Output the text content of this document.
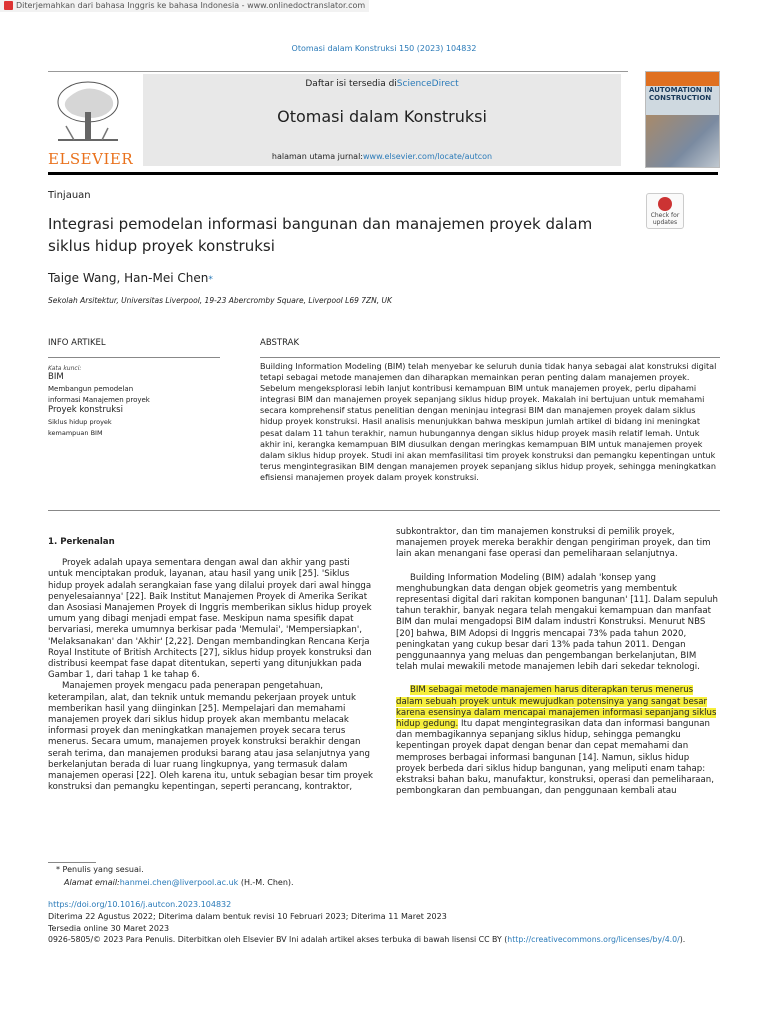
Diterjemahkan dari bahasa Inggris ke bahasa Indonesia - www.onlinedoctranslator.com
Otomasi dalam Konstruksi 150 (2023) 104832
ELSEVIER
Daftar isi tersedia diScienceDirect
Otomasi dalam Konstruksi
halaman utama jurnal:www.elsevier.com/locate/autcon
AUTOMATION IN CONSTRUCTION
Tinjauan
Integrasi pemodelan informasi bangunan dan manajemen proyek dalam siklus hidup proyek konstruksi
Check for updates
Taige Wang, Han-Mei Chen*
Sekolah Arsitektur, Universitas Liverpool, 19-23 Abercromby Square, Liverpool L69 7ZN, UK
INFO ARTIKEL	ABSTRAK
Kata kunci:
BIM
Membangun pemodelan
informasi Manajemen proyek
Proyek konstruksi
Siklus hidup proyek
kemampuan BIM
Building Information Modeling (BIM) telah menyebar ke seluruh dunia tidak hanya sebagai alat konstruksi digital tetapi sebagai metode manajemen dan diharapkan memainkan peran penting dalam manajemen proyek. Sebelum mengeksplorasi lebih lanjut kontribusi kemampuan BIM untuk manajemen proyek, perlu dipahami integrasi BIM dan manajemen proyek sepanjang siklus hidup proyek. Makalah ini bertujuan untuk memahami secara komprehensif status penelitian dengan meninjau integrasi BIM dan manajemen proyek dalam siklus hidup proyek konstruksi. Hasil analisis menunjukkan bahwa meskipun jumlah artikel di bidang ini meningkat pesat dalam 11 tahun terakhir, namun hubungannya dengan siklus hidup proyek masih relatif lemah. Untuk akhir ini, kerangka kemampuan BIM diusulkan dengan meringkas kemampuan BIM untuk manajemen proyek dalam siklus hidup proyek. Studi ini akan memfasilitasi tim proyek konstruksi dan pemangku kepentingan untuk terus mengintegrasikan BIM dengan manajemen proyek sepanjang siklus hidup proyek, sehingga meningkatkan efisiensi manajemen proyek dalam proyek konstruksi.

1. Perkenalan

Proyek adalah upaya sementara dengan awal dan akhir yang pasti untuk menciptakan produk, layanan, atau hasil yang unik [25]. 'Siklus hidup proyek adalah serangkaian fase yang dilalui proyek dari awal hingga penyelesaiannya' [22]. Baik Institut Manajemen Proyek di Amerika Serikat dan Asosiasi Manajemen Proyek di Inggris memberikan siklus hidup proyek umum yang dibagi menjadi empat fase. Meskipun nama spesifik dapat bervariasi, mereka umumnya berkisar pada 'Memulai', 'Mempersiapkan', 'Melaksanakan' dan 'Akhir' [2,22]. Dengan membandingkan Rencana Kerja Royal Institute of British Architects [27], siklus hidup proyek konstruksi dan distribusi keempat fase dapat ditentukan, seperti yang ditunjukkan pada Gambar 1, dari tahap 1 ke tahap 6.

Manajemen proyek mengacu pada penerapan pengetahuan, keterampilan, alat, dan teknik untuk memandu pekerjaan proyek untuk memberikan hasil yang diinginkan [25]. Mempelajari dan memahami manajemen proyek dari siklus hidup proyek akan membantu melacak informasi proyek dan meningkatkan manajemen proyek secara terus menerus. Secara umum, manajemen proyek konstruksi berakhir dengan serah terima, dan manajemen produksi barang atau jasa selanjutnya yang berkelanjutan berada di luar ruang lingkupnya, yang termasuk dalam manajemen operasi [22]. Oleh karena itu, untuk sebagian besar tim proyek konstruksi dan pemangku kepentingan, seperti perancang, kontraktor,

subkontraktor, dan tim manajemen konstruksi di pemilik proyek, manajemen proyek mereka berakhir dengan pengiriman proyek, dan tim lain akan menangani fase operasi dan pemeliharaan selanjutnya.

Building Information Modeling (BIM) adalah 'konsep yang menghubungkan data dengan objek geometris yang membentuk representasi digital dari rakitan komponen bangunan' [11]. Dalam sepuluh tahun terakhir, banyak negara telah mengakui kemampuan dan manfaat BIM dan mulai mengadopsi BIM dalam industri Konstruksi. Menurut NBS [20] bahwa, BIM Adopsi di Inggris mencapai 73% pada tahun 2020, peningkatan yang cukup besar dari 13% pada tahun 2011. Dengan penggunaannya yang meluas dan pengembangan berkelanjutan, BIM telah mulai mewakili metode manajemen lebih dari sekedar teknologi.

BIM sebagai metode manajemen harus diterapkan terus menerus dalam sebuah proyek untuk mewujudkan potensinya yang sangat besar karena esensinya dalam mencapai manajemen informasi sepanjang siklus hidup gedung. Itu dapat mengintegrasikan data dan informasi bangunan dan membagikannya sepanjang siklus hidup, sehingga pemangku kepentingan proyek dapat dengan benar dan cepat memahami dan memproses berbagai informasi bangunan [14]. Namun, siklus hidup proyek berbeda dari siklus hidup bangunan, yang meliputi enam tahap: ekstraksi bahan baku, manufaktur, konstruksi, operasi dan pemeliharaan, pembongkaran dan pembuangan, dan penggunaan kembali atau

* Penulis yang sesuai.
Alamat email:hanmei.chen@liverpool.ac.uk (H.-M. Chen).
https://doi.org/10.1016/j.autcon.2023.104832
Diterima 22 Agustus 2022; Diterima dalam bentuk revisi 10 Februari 2023; Diterima 11 Maret 2023
Tersedia online 30 Maret 2023
0926-5805/© 2023 Para Penulis. Diterbitkan oleh Elsevier BV Ini adalah artikel akses terbuka di bawah lisensi CC BY (http://creativecommons.org/licenses/by/4.0/).
